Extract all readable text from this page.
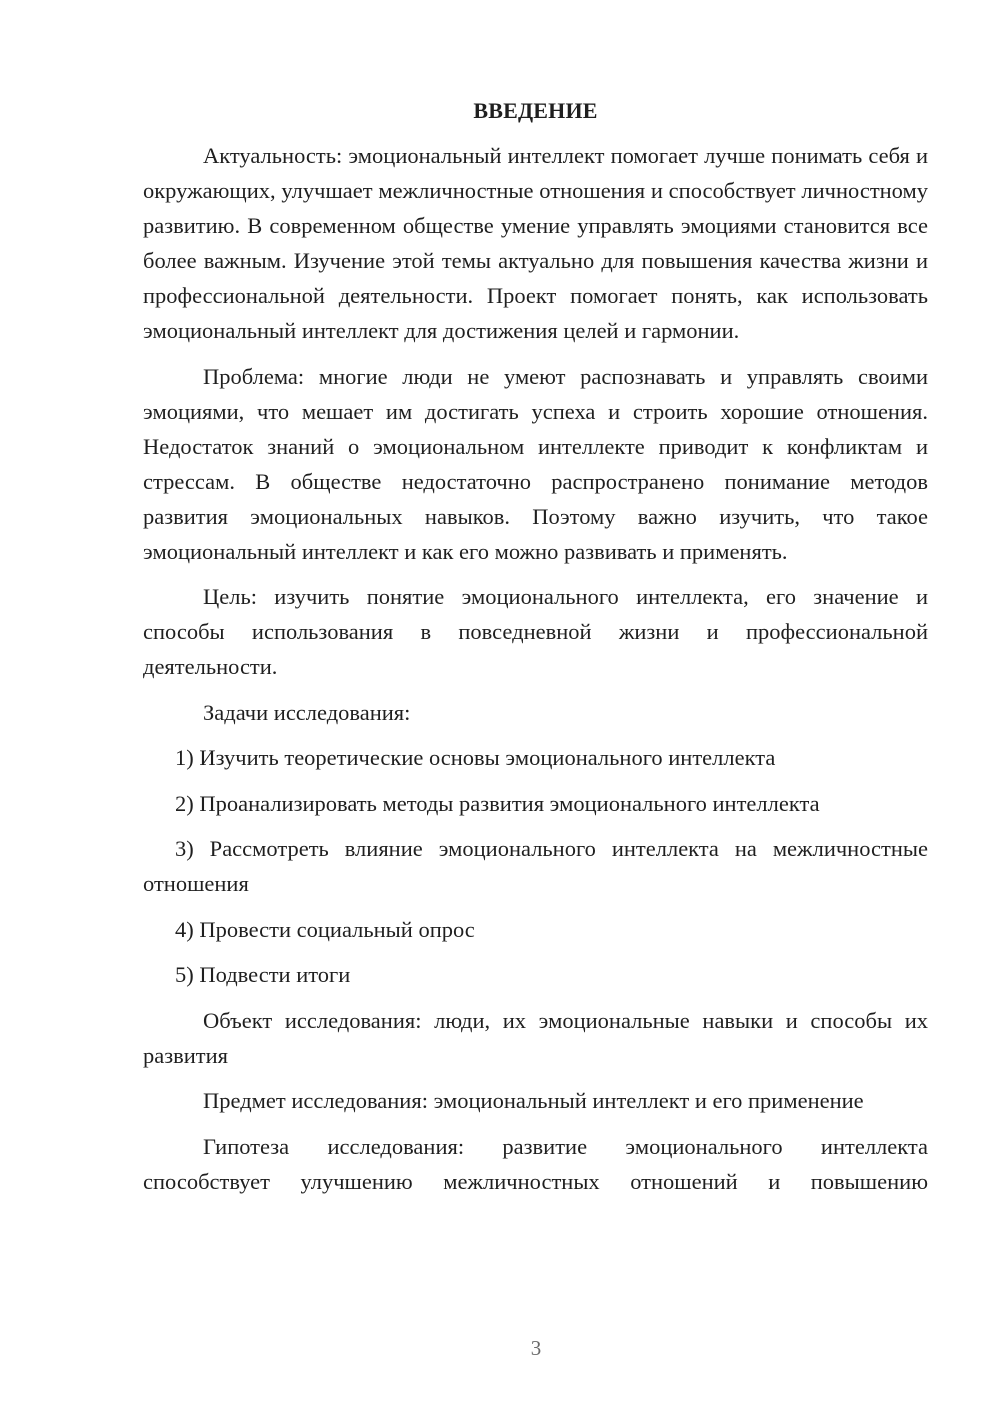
ВВЕДЕНИЕ
Актуальность: эмоциональный интеллект помогает лучше понимать себя и окружающих, улучшает межличностные отношения и способствует личностному развитию. В современном обществе умение управлять эмоциями становится все более важным. Изучение этой темы актуально для повышения качества жизни и профессиональной деятельности. Проект помогает понять, как использовать эмоциональный интеллект для достижения целей и гармонии.
Проблема: многие люди не умеют распознавать и управлять своими эмоциями, что мешает им достигать успеха и строить хорошие отношения. Недостаток знаний о эмоциональном интеллекте приводит к конфликтам и стрессам. В обществе недостаточно распространено понимание методов развития эмоциональных навыков. Поэтому важно изучить, что такое эмоциональный интеллект и как его можно развивать и применять.
Цель: изучить понятие эмоционального интеллекта, его значение и способы использования в повседневной жизни и профессиональной деятельности.
Задачи исследования:
1) Изучить теоретические основы эмоционального интеллекта
2) Проанализировать методы развития эмоционального интеллекта
3) Рассмотреть влияние эмоционального интеллекта на межличностные отношения
4) Провести социальный опрос
5) Подвести итоги
Объект исследования: люди, их эмоциональные навыки и способы их развития
Предмет исследования: эмоциональный интеллект и его применение
Гипотеза исследования: развитие эмоционального интеллекта способствует улучшению межличностных отношений и повышению
3
